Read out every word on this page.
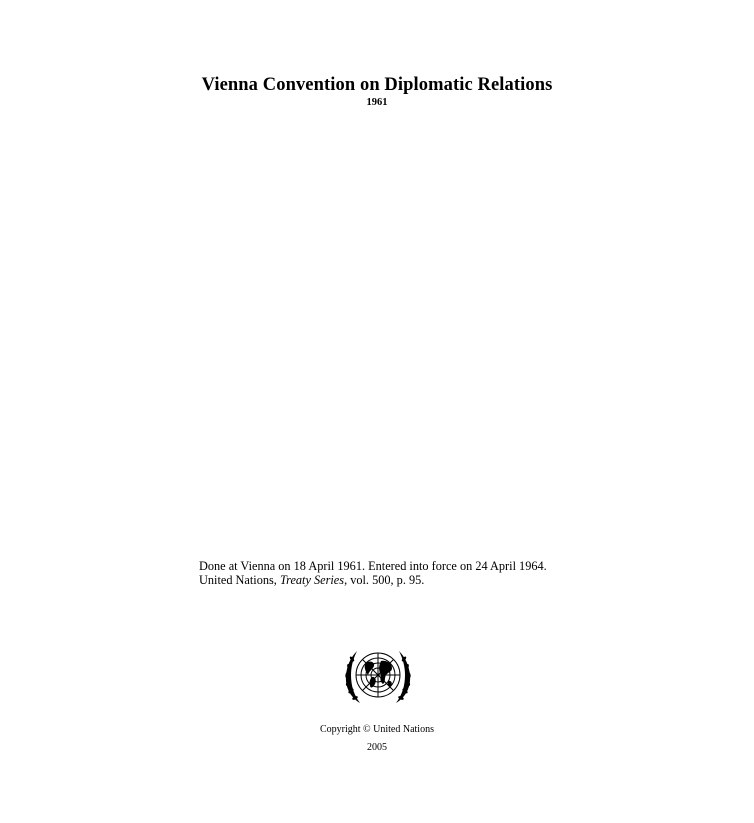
Vienna Convention on Diplomatic Relations
1961
Done at Vienna on 18 April 1961. Entered into force on 24 April 1964.
United Nations, Treaty Series, vol. 500, p. 95.
Copyright © United Nations
2005
